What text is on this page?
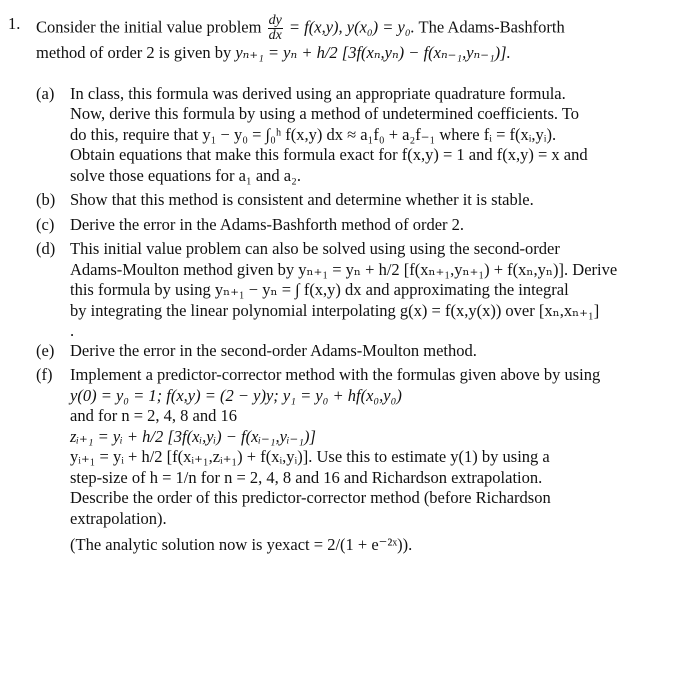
1. Consider the initial value problem $\frac{dy}{dx} = f(x,y)$, y(x₀) = y₀. The Adams-Bashforth
method of order 2 is given by yₙ₊₁ = yₙ + h/2 [3f(xₙ,yₙ) − f(xₙ₋₁,yₙ₋₁)].
(a) In class, this formula was derived using an appropriate quadrature formula.
Now, derive this formula by using a method of undetermined coefficients. To
do this, require that y₁ − y₀ = ∫₀ʰ f(x,y) dx ≈ a₁f₀ + a₂f₋₁ where fᵢ = f(xᵢ,yᵢ).
Obtain equations that make this formula exact for f(x,y) = 1 and f(x,y) = x and
solve those equations for a₁ and a₂.
(b) Show that this method is consistent and determine whether it is stable.
(c) Derive the error in the Adams-Bashforth method of order 2.
(d) This initial value problem can also be solved using using the second-order
Adams-Moulton method given by yₙ₊₁ = yₙ + h/2 [f(xₙ₊₁,yₙ₊₁) + f(xₙ,yₙ)]. Derive
this formula by using yₙ₊₁ − yₙ = ∫ f(x,y) dx and approximating the integral
by integrating the linear polynomial interpolating g(x) = f(x,y(x)) over [xₙ,xₙ₊₁]
.
(e) Derive the error in the second-order Adams-Moulton method.
(f) Implement a predictor-corrector method with the formulas given above by using
y(0) = y₀ = 1; f(x,y) = (2 − y)y; y₁ = y₀ + hf(x₀,y₀)
and for n = 2, 4, 8 and 16
zᵢ₊₁ = yᵢ + h/2 [3f(xᵢ,yᵢ) − f(xᵢ₋₁,yᵢ₋₁)]
yᵢ₊₁ = yᵢ + h/2 [f(xᵢ₊₁,zᵢ₊₁) + f(xᵢ,yᵢ)]. Use this to estimate y(1) by using a
step-size of h = 1/n for n = 2, 4, 8 and 16 and Richardson extrapolation.
Describe the order of this predictor-corrector method (before Richardson
extrapolation).
(The analytic solution now is yexact = 2/(1 + e⁻²ˣ)).
